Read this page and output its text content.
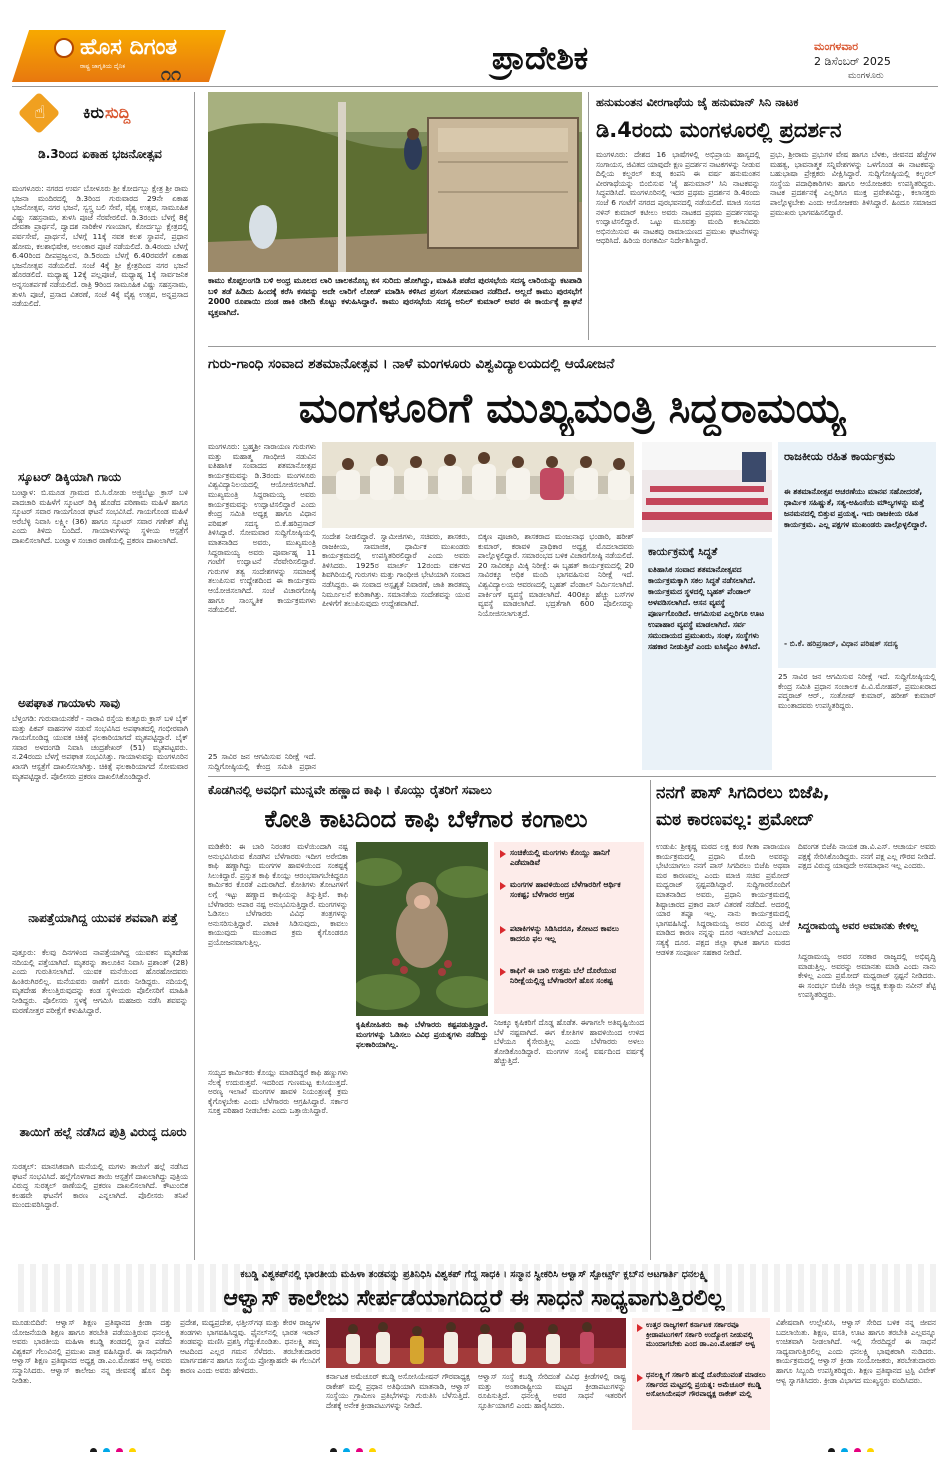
ಹೊಸ ದಿಗಂತ
ರಾಷ್ಟ್ರ ಜಾಗೃತಿಯ ದೈನಿಕ	೧೧	ಪ್ರಾದೇಶಿಕ	ಮಂಗಳವಾರ
2 ಡಿಸೆಂಬರ್ 2025
ಮಂಗಳೂರು
☝	ಕಿರು ಸುದ್ದಿ
ಡಿ.3ರಿಂದ ಏಕಾಹ ಭಜನೋತ್ಸವ
ಮಂಗಳೂರು: ನಗರದ ಉರ್ವ ಬೋಳೂರು ಶ್ರೀ ಕೋರ್ದಬ್ಬು ಕ್ಷೇತ್ರ ಶ್ರೀ ರಾಮ ಭಜನಾ ಮಂದಿರದಲ್ಲಿ ಡಿ.3ರಿಂದ ಗುರುವಾರದ 29ನೇ ಏಕಾಹ ಭಜನೋತ್ಸವ, ನಗರ ಭಜನೆ, ಸ್ವಸ್ತ್ರ ಬಲಿ ಸೇವೆ, ವೈಶ್ವ ಉತ್ಸವ, ಸಾಮೂಹಿಕ ವಿಷ್ಣು ಸಹಸ್ರನಾಮ, ತುಳಸಿ ಪೂಜೆ ನೆರವೇರಲಿದೆ. ಡಿ.3ರಂದು ಬೆಳಗ್ಗೆ 8ಕ್ಕೆ ದೇವತಾ ಪ್ರಾರ್ಥನೆ, ದ್ವಾದಶ ನಾರಿಕೇಳ ಗಣಯಾಗ, ಕೋರ್ದಬ್ಬು ಕ್ಷೇತ್ರದಲ್ಲಿ ಪರ್ವಸೇವೆ, ಪ್ರಾರ್ಥನೆ, ಬೆಳಗ್ಗೆ 11ಕ್ಕೆ ನವಕ ಕಲಶ ಸ್ಥಾಪನೆ, ಪ್ರಧಾನ ಹೋಮ, ಕಲಶಾಭಿಷೇಕ, ಅಲಂಕಾರ ಪೂಜೆ ನಡೆಯಲಿದೆ. ಡಿ.4ರಂದು ಬೆಳಗ್ಗೆ 6.40ರಿಂದ ದೀಪಪ್ರಜ್ವಲನ, ಡಿ.5ರಂದು ಬೆಳಗ್ಗೆ 6.40ರವರೆಗೆ ಏಕಾಹ ಭಜನೋತ್ಸವ ನಡೆಯಲಿದೆ. ಸಂಜೆ 4ಕ್ಕೆ ಶ್ರೀ ಕ್ಷೇತ್ರದಿಂದ ನಗರ ಭಜನೆ ಹೊರಡಲಿದೆ. ಮಧ್ಯಾಹ್ನ 12ಕ್ಕೆ ಪಲ್ಲಪೂಜೆ, ಮಧ್ಯಾಹ್ನ 1ಕ್ಕೆ ಸಾರ್ವಜನಿಕ ಅನ್ನಸಂತರ್ಪಣೆ ನಡೆಯಲಿದೆ. ರಾತ್ರಿ 9ರಿಂದ ಸಾಮೂಹಿಕ ವಿಷ್ಣು ಸಹಸ್ರನಾಮ, ತುಳಸಿ ಪೂಜೆ, ಪ್ರಸಾದ ವಿತರಣೆ, ಸಂಜೆ 4ಕ್ಕೆ ವೈಶ್ವ ಉತ್ಸವ, ಅನ್ನಪ್ರಸಾದ ನಡೆಯಲಿದೆ.
ಸ್ಕೂಟರ್ ಡಿಕ್ಕಿಯಾಗಿ ಗಾಯ
ಬಂಟ್ವಾಳ: ಬಿ.ಮೂಡ ಗ್ರಾಮದ ಬಿ.ಸಿ.ರೋಡು ಅಜ್ಜಿಬೆಟ್ಟು ಕ್ರಾಸ್ ಬಳಿ ಪಾದಚಾರಿ ಮಹಿಳೆಗೆ ಸ್ಕೂಟರ್ ಡಿಕ್ಕಿ ಹೊಡೆದ ಪರಿಣಾಮ ಮಹಿಳೆ ಹಾಗೂ ಸ್ಕೂಟರ್ ಸವಾರ ಗಾಯಗೊಂಡ ಘಟನೆ ಸಂಭವಿಸಿದೆ. ಗಾಯಗೊಂಡ ಮಹಿಳೆ ಅರೆಬೆಳ್ಳಿ ನಿವಾಸಿ ಲಕ್ಷ್ಮೀ (36) ಹಾಗೂ ಸ್ಕೂಟರ್ ಸವಾರ ಗಣೇಶ್ ಶೆಟ್ಟಿ ಎಂದು ತಿಳಿದು ಬಂದಿದೆ. ಗಾಯಾಳುಗಳನ್ನು ಸ್ಥಳೀಯ ಆಸ್ಪತ್ರೆಗೆ ದಾಖಲಿಸಲಾಗಿದೆ. ಬಂಟ್ವಾಳ ಸಂಚಾರ ಠಾಣೆಯಲ್ಲಿ ಪ್ರಕರಣ ದಾಖಲಾಗಿದೆ.
ಅಪಘಾತ ಗಾಯಾಳು ಸಾವು
ಬೆಳ್ತಂಗಡಿ: ಗುರುವಾಯನಕೆರೆ - ನಾರಾವಿ ರಸ್ತೆಯ ಕುತ್ತೂರು ಕ್ರಾಸ್ ಬಳಿ ಬೈಕ್ ಮತ್ತು ಪಿಕಪ್ ವಾಹನಗಳ ನಡುವೆ ಸಂಭವಿಸಿದ ಅಪಘಾತದಲ್ಲಿ ಗಂಭೀರವಾಗಿ ಗಾಯಗೊಂಡಿದ್ದ ಯುವಕ ಚಿಕಿತ್ಸೆ ಫಲಕಾರಿಯಾಗದೆ ಮೃತಪಟ್ಟಿದ್ದಾರೆ. ಬೈಕ್ ಸವಾರ ಅಳದಂಗಡಿ ನಿವಾಸಿ ಚಂದ್ರಶೇಖರ್ (51) ಮೃತಪಟ್ಟವರು. ನ.24ರಂದು ಬೆಳಗ್ಗೆ ಅಪಘಾತ ಸಂಭವಿಸಿತ್ತು. ಗಾಯಾಳುವನ್ನು ಮಂಗಳೂರಿನ ಖಾಸಗಿ ಆಸ್ಪತ್ರೆಗೆ ದಾಖಲಿಸಲಾಗಿತ್ತು. ಚಿಕಿತ್ಸೆ ಫಲಕಾರಿಯಾಗದೆ ಸೋಮವಾರ ಮೃತಪಟ್ಟಿದ್ದಾರೆ. ಪೊಲೀಸರು ಪ್ರಕರಣ ದಾಖಲಿಸಿಕೊಂಡಿದ್ದಾರೆ.
ನಾಪತ್ತೆಯಾಗಿದ್ದ ಯುವಕ ಶವವಾಗಿ ಪತ್ತೆ
ಪುತ್ತೂರು: ಕೆಲವು ದಿನಗಳಿಂದ ನಾಪತ್ತೆಯಾಗಿದ್ದ ಯುವಕನ ಮೃತದೇಹ ನದಿಯಲ್ಲಿ ಪತ್ತೆಯಾಗಿದೆ. ಮೃತರನ್ನು ತಾಲೂಕಿನ ನಿವಾಸಿ ಪ್ರಶಾಂತ್ (28) ಎಂದು ಗುರುತಿಸಲಾಗಿದೆ. ಯುವಕ ಮನೆಯಿಂದ ಹೊರಹೋದವರು ಹಿಂತಿರುಗಿರಲಿಲ್ಲ. ಮನೆಯವರು ಠಾಣೆಗೆ ದೂರು ನೀಡಿದ್ದರು. ನದಿಯಲ್ಲಿ ಮೃತದೇಹ ತೇಲುತ್ತಿರುವುದನ್ನು ಕಂಡ ಸ್ಥಳೀಯರು ಪೊಲೀಸರಿಗೆ ಮಾಹಿತಿ ನೀಡಿದ್ದರು. ಪೊಲೀಸರು ಸ್ಥಳಕ್ಕೆ ಆಗಮಿಸಿ ಮಹಜರು ನಡೆಸಿ ಶವವನ್ನು ಮರಣೋತ್ತರ ಪರೀಕ್ಷೆಗೆ ಕಳುಹಿಸಿದ್ದಾರೆ.
ತಾಯಿಗೆ ಹಲ್ಲೆ ನಡೆಸಿದ ಪುತ್ರಿ ವಿರುದ್ಧ ದೂರು
ಸುರತ್ಕಲ್: ಮಾನಸಿಕವಾಗಿ ಮನೆಯಲ್ಲಿ ಮಗಳು ತಾಯಿಗೆ ಹಲ್ಲೆ ನಡೆಸಿದ ಘಟನೆ ಸಂಭವಿಸಿದೆ. ಹಲ್ಲೆಗೊಳಗಾದ ತಾಯಿ ಆಸ್ಪತ್ರೆಗೆ ದಾಖಲಾಗಿದ್ದು ಪುತ್ರಿಯ ವಿರುದ್ಧ ಸುರತ್ಕಲ್ ಠಾಣೆಯಲ್ಲಿ ಪ್ರಕರಣ ದಾಖಲಿಸಲಾಗಿದೆ. ಕೌಟುಂಬಿಕ ಕಲಹವೇ ಘಟನೆಗೆ ಕಾರಣ ಎನ್ನಲಾಗಿದೆ. ಪೊಲೀಸರು ತನಿಖೆ ಮುಂದುವರಿಸಿದ್ದಾರೆ.
ಕಾಮು ಕೊಪ್ಪಲಂಗಡಿ ಬಳಿ ಅಂಧ್ರ ಮೂಲದ ಲಾರಿ ಚಾಲಕನೊಬ್ಬ ಕಸ ಸುರಿದು ಹೋಗಿದ್ದು, ಮಾಹಿತಿ ಪಡೆದ ಪುರಸಭೆಯ ಸದಸ್ಯ ಲಾರಿಯನ್ನು ಕಟಪಾಡಿ ಬಳಿ ತಡೆ ಹಿಡಿದು ಹಿಂದಕ್ಕೆ ಕರೆಸಿ ಕಸವನ್ನು ಅದೇ ಲಾರಿಗೆ ಲೋಡ್ ಮಾಡಿಸಿ ಕಳಿಸಿದ ಪ್ರಸಂಗ ಸೋಮವಾರ ನಡೆದಿದೆ. ಅಲ್ಲದೆ ಕಾಮು ಪುರಸಭೆಗೆ 2000 ರೂಪಾಯಿ ದಂಡ ಹಾಕಿ ರಶೀದಿ ಕೊಟ್ಟು ಕಳುಹಿಸಿದ್ದಾರೆ. ಕಾಮು ಪುರಸಭೆಯ ಸದಸ್ಯ ಅನಿಲ್ ಕುಮಾರ್ ಅವರ ಈ ಕಾರ್ಯಕ್ಕೆ ಶ್ಲಾಘನೆ ವ್ಯಕ್ತವಾಗಿದೆ.
ಹನುಮಂತನ ವೀರಗಾಥೆಯ ಜೈ ಹನುಮಾನ್ ಸಿನಿ ನಾಟಕ
ಡಿ.4ರಂದು ಮಂಗಳೂರಲ್ಲಿ ಪ್ರದರ್ಶನ
ಮಂಗಳೂರು: ದೇಶದ 16 ಭಾಷೆಗಳಲ್ಲಿ ಅಭಿಪ್ರಾಯ ಹಾಸ್ಯದಲ್ಲಿ ಸಂಗಾಯಸ, ಜಿವಿತದ ಯಾವುದೇ ಕ್ಷಣ ಪ್ರದರ್ಶನ ನಾಟಕಗಳನ್ನು ನೀಡುವ ದಿಲ್ಲಿಯ ಕಲ್ಚರಲ್ ಕುಡ್ಗ ಕಂಪನಿ ಈ ವರ್ಷ ಹನುಮಂತನ ವೀರಗಾಥೆಯನ್ನು ಬಿಂಬಿಸುವ 'ಜೈ ಹನುಮಾನ್' ಸಿನಿ ನಾಟಕವನ್ನು ಸಿದ್ಧಪಡಿಸಿದೆ. ಮಂಗಳೂರಿನಲ್ಲಿ ಇದರ ಪ್ರಥಮ ಪ್ರದರ್ಶನ ಡಿ.4ರಂದು ಸಂಜೆ 6 ಗಂಟೆಗೆ ನಗರದ ಪುರಭವನದಲ್ಲಿ ನಡೆಯಲಿದೆ. ಮಾಜಿ ಸಂಸದ ನಳಿನ್ ಕುಮಾರ್ ಕಟೀಲು ಅವರು ನಾಟಕದ ಪ್ರಥಮ ಪ್ರದರ್ಶನವನ್ನು ಉದ್ಘಾಟಿಸಲಿದ್ದಾರೆ. ಒಟ್ಟು ಮೂವತ್ತು ಮಂದಿ ಕಲಾವಿದರು ಅಭಿನಯಿಸುವ ಈ ನಾಟಕವು ರಾಮಾಯಣದ ಪ್ರಮುಖ ಘಟನೆಗಳನ್ನು ಆಧರಿಸಿದೆ. ಹಿರಿಯ ರಂಗಕರ್ಮಿ ನಿರ್ದೇಶಿಸಿದ್ದಾರೆ.
ಪ್ರಭು, ಶ್ರೀರಾಮ ಪ್ರಭುಗಳ ವೇಷ ಹಾಗೂ ಬೆಳಕು, ಜೀವನದ ಹೆಜ್ಜೆಗಳ ಮಹತ್ವ, ಭಾವನಾತ್ಮಕ ಸನ್ನಿವೇಶಗಳನ್ನು ಒಳಗೊಂಡ ಈ ನಾಟಕವನ್ನು ಬಹುಭಾಷಾ ಪ್ರೇಕ್ಷಕರು ವೀಕ್ಷಿಸಿದ್ದಾರೆ. ಸುದ್ದಿಗೋಷ್ಠಿಯಲ್ಲಿ ಕಲ್ಚರಲ್ ಸಂಸ್ಥೆಯ ಪದಾಧಿಕಾರಿಗಳು ಹಾಗೂ ಆಯೋಜಕರು ಉಪಸ್ಥಿತರಿದ್ದರು. ನಾಟಕ ಪ್ರದರ್ಶನಕ್ಕೆ ಎಲ್ಲರಿಗೂ ಮುಕ್ತ ಪ್ರವೇಶವಿದ್ದು, ಕಲಾಸಕ್ತರು ಪಾಲ್ಗೊಳ್ಳಬೇಕು ಎಂದು ಆಯೋಜಕರು ತಿಳಿಸಿದ್ದಾರೆ. ಹಿಂದೂ ಸಮಾಜದ ಪ್ರಮುಖರು ಭಾಗವಹಿಸಲಿದ್ದಾರೆ.
ಗುರು-ಗಾಂಧಿ ಸಂವಾದ ಶತಮಾನೋತ್ಸವ । ನಾಳೆ ಮಂಗಳೂರು ವಿಶ್ವವಿದ್ಯಾಲಯದಲ್ಲಿ ಆಯೋಜನೆ
ಮಂಗಳೂರಿಗೆ ಮುಖ್ಯಮಂತ್ರಿ ಸಿದ್ದರಾಮಯ್ಯ
ಮಂಗಳೂರು: ಬ್ರಹ್ಮಶ್ರೀ ನಾರಾಯಣ ಗುರುಗಳು ಮತ್ತು ಮಹಾತ್ಮ ಗಾಂಧೀಜಿ ನಡುವಿನ ಐತಿಹಾಸಿಕ ಸಂವಾದದ ಶತಮಾನೋತ್ಸವ ಕಾರ್ಯಕ್ರಮವನ್ನು ಡಿ.3ರಂದು ಮಂಗಳೂರು ವಿಶ್ವವಿದ್ಯಾನಿಲಯದಲ್ಲಿ ಆಯೋಜಿಸಲಾಗಿದೆ. ಮುಖ್ಯಮಂತ್ರಿ ಸಿದ್ದರಾಮಯ್ಯ ಅವರು ಕಾರ್ಯಕ್ರಮವನ್ನು ಉದ್ಘಾಟಿಸಲಿದ್ದಾರೆ ಎಂದು ಕೇಂದ್ರ ಸಮಿತಿ ಅಧ್ಯಕ್ಷ ಹಾಗೂ ವಿಧಾನ ಪರಿಷತ್ ಸದಸ್ಯ ಬಿ.ಕೆ.ಹರಿಪ್ರಸಾದ್ ತಿಳಿಸಿದ್ದಾರೆ. ಸೋಮವಾರ ಸುದ್ದಿಗೋಷ್ಠಿಯಲ್ಲಿ ಮಾತನಾಡಿದ ಅವರು, ಮುಖ್ಯಮಂತ್ರಿ ಸಿದ್ದರಾಮಯ್ಯ ಅವರು ಪೂರ್ವಾಹ್ನ 11 ಗಂಟೆಗೆ ಉದ್ಘಾಟನೆ ನೆರವೇರಿಸಲಿದ್ದಾರೆ. ಗುರುಗಳ ತತ್ವ ಸಂದೇಶಗಳನ್ನು ಸಮಾಜಕ್ಕೆ ತಲುಪಿಸುವ ಉದ್ದೇಶದಿಂದ ಈ ಕಾರ್ಯಕ್ರಮ ಆಯೋಜಿಸಲಾಗಿದೆ. ಸಂಜೆ ವಿಚಾರಗೋಷ್ಠಿ ಹಾಗೂ ಸಾಂಸ್ಕೃತಿಕ ಕಾರ್ಯಕ್ರಮಗಳು ನಡೆಯಲಿವೆ.
25 ಸಾವಿರ ಜನ ಆಗಮಿಸುವ ನಿರೀಕ್ಷೆ ಇದೆ. ಸುದ್ದಿಗೋಷ್ಠಿಯಲ್ಲಿ ಕೇಂದ್ರ ಸಮಿತಿ ಪ್ರಧಾನ
ಸಂದೇಶ ನೀಡಲಿದ್ದಾರೆ. ಸ್ವಾಮೀಜಿಗಳು, ಸಚಿವರು, ಶಾಸಕರು, ರಾಜಕೀಯ, ಸಾಮಾಜಿಕ, ಧಾರ್ಮಿಕ ಮುಖಂಡರು ಕಾರ್ಯಕ್ರಮದಲ್ಲಿ ಉಪಸ್ಥಿತರಿರಲಿದ್ದಾರೆ ಎಂದು ಅವರು ತಿಳಿಸಿದರು. 1925ರ ಮಾರ್ಚ್ 12ರಂದು ವರ್ಕಳದ ಶಿವಗಿರಿಯಲ್ಲಿ ಗುರುಗಳು ಮತ್ತು ಗಾಂಧೀಜಿ ಭೇಟಿಯಾಗಿ ಸಂವಾದ ನಡೆಸಿದ್ದರು. ಈ ಸಂವಾದ ಅಸ್ಪೃಶ್ಯತೆ ನಿವಾರಣೆ, ಜಾತಿ ತಾರತಮ್ಯ ನಿರ್ಮೂಲನೆ ಕುರಿತಾಗಿತ್ತು. ಸಮಾನತೆಯ ಸಂದೇಶವನ್ನು ಯುವ ಪೀಳಿಗೆಗೆ ತಲುಪಿಸುವುದು ಉದ್ದೇಶವಾಗಿದೆ.
ಬಿಕ್ಕಣ ಪೂಜಾರಿ, ಶಾಸಕರಾದ ಮಂಜುನಾಥ ಭಂಡಾರಿ, ಹರೀಶ್ ಕುಮಾರ್, ಕರಾವಳಿ ಪ್ರಾಧಿಕಾರ ಅಧ್ಯಕ್ಷ ಮೊದಲಾದವರು ಪಾಲ್ಗೊಳ್ಳಲಿದ್ದಾರೆ. ಸಮಾರಂಭದ ಬಳಿಕ ವಿಚಾರಗೋಷ್ಠಿ ನಡೆಯಲಿದೆ. 20 ಸಾವಿರಕ್ಕೂ ಮಿಕ್ಕಿ ನಿರೀಕ್ಷೆ: ಈ ಬೃಹತ್ ಕಾರ್ಯಕ್ರಮದಲ್ಲಿ 20 ಸಾವಿರಕ್ಕೂ ಅಧಿಕ ಮಂದಿ ಭಾಗವಹಿಸುವ ನಿರೀಕ್ಷೆ ಇದೆ. ವಿಶ್ವವಿದ್ಯಾಲಯ ಆವರಣದಲ್ಲಿ ಬೃಹತ್ ಪೆಂಡಾಲ್ ನಿರ್ಮಿಸಲಾಗಿದೆ. ಪಾರ್ಕಿಂಗ್ ವ್ಯವಸ್ಥೆ ಮಾಡಲಾಗಿದೆ. 400ಕ್ಕೂ ಹೆಚ್ಚು ಬಸ್‌ಗಳ ವ್ಯವಸ್ಥೆ ಮಾಡಲಾಗಿದೆ. ಭದ್ರತೆಗಾಗಿ 600 ಪೊಲೀಸರನ್ನು ನಿಯೋಜಿಸಲಾಗುತ್ತದೆ.
ಕಾರ್ಯಕ್ರಮಕ್ಕೆ ಸಿದ್ಧತೆ
ಐತಿಹಾಸಿಕ ಸಂವಾದ ಶತಮಾನೋತ್ಸವದ ಕಾರ್ಯಕ್ರಮಕ್ಕಾಗಿ ಸಕಲ ಸಿದ್ಧತೆ ನಡೆಸಲಾಗಿದೆ. ಕಾರ್ಯಕ್ರಮದ ಸ್ಥಳದಲ್ಲಿ ಬೃಹತ್ ಪೆಂಡಾಲ್ ಅಳವಡಿಸಲಾಗಿದೆ. ಆಸನ ವ್ಯವಸ್ಥೆ ಪೂರ್ಣಗೊಂಡಿದೆ. ಆಗಮಿಸುವ ಎಲ್ಲರಿಗೂ ಊಟ ಉಪಾಹಾರ ವ್ಯವಸ್ಥೆ ಮಾಡಲಾಗಿದೆ. ಸರ್ವ ಸಮುದಾಯದ ಪ್ರಮುಖರು, ಸಂಘ, ಸಂಸ್ಥೆಗಳು ಸಹಕಾರ ನೀಡುತ್ತಿವೆ ಎಂದು ಐಸಿವೈಎಂ ತಿಳಿಸಿದೆ.
ರಾಜಕೀಯ ರಹಿತ ಕಾರ್ಯಕ್ರಮ
ಈ ಶತಮಾನೋತ್ಸವ ಆಚರಣೆಯು ಮಾನವ ಸಹೋದರತೆ, ಧಾರ್ಮಿಕ ಸಹಿಷ್ಣುತೆ, ಸತ್ಯ-ಅಹಿಂಸೆಯ ಮೌಲ್ಯಗಳನ್ನು ಮತ್ತೆ ಜನಮನದಲ್ಲಿ ಬಿತ್ತುವ ಪ್ರಯತ್ನ. ಇದು ರಾಜಕೀಯ ರಹಿತ ಕಾರ್ಯಕ್ರಮ. ಎಲ್ಲ ಪಕ್ಷಗಳ ಮುಖಂಡರು ಪಾಲ್ಗೊಳ್ಳಲಿದ್ದಾರೆ.
- ಬಿ.ಕೆ. ಹರಿಪ್ರಸಾದ್, ವಿಧಾನ ಪರಿಷತ್ ಸದಸ್ಯ
25 ಸಾವಿರ ಜನ ಆಗಮಿಸುವ ನಿರೀಕ್ಷೆ ಇದೆ. ಸುದ್ದಿಗೋಷ್ಠಿಯಲ್ಲಿ ಕೇಂದ್ರ ಸಮಿತಿ ಪ್ರಧಾನ ಸಂಚಾಲಕ ಪಿ.ವಿ.ಮೋಹನ್, ಪ್ರಮುಖರಾದ ಪದ್ಮರಾಜ್ ಆರ್., ಸಂತೋಷ್ ಕುಮಾರ್, ಹರೀಶ್ ಕುಮಾರ್ ಮುಂತಾದವರು ಉಪಸ್ಥಿತರಿದ್ದರು.
ಕೊಡಗಿನಲ್ಲಿ ಅವಧಿಗೆ ಮುನ್ನವೇ ಹಣ್ಣಾದ ಕಾಫಿ । ಕೊಯ್ಲು ರೈತರಿಗೆ ಸವಾಲು
ಕೋತಿ ಕಾಟದಿಂದ ಕಾಫಿ ಬೆಳೆಗಾರ ಕಂಗಾಲು
ಮಡಿಕೇರಿ: ಈ ಬಾರಿ ನಿರಂತರ ಮಳೆಯಿಂದಾಗಿ ನಷ್ಟ ಅನುಭವಿಸಿರುವ ಕೊಡಗಿನ ಬೆಳೆಗಾರರು ಇದೀಗ ಅರೇಬಿಕಾ ಕಾಫಿ ಹಣ್ಣಾಗಿದ್ದು ಮಂಗಗಳ ಹಾವಳಿಯಿಂದ ಸಂಕಷ್ಟಕ್ಕೆ ಸಿಲುಕಿದ್ದಾರೆ. ಪ್ರಸ್ತುತ ಕಾಫಿ ಕೊಯ್ಲು ಆರಂಭವಾಗಬೇಕಿದ್ದರೂ ಕಾರ್ಮಿಕರ ಕೊರತೆ ಎದುರಾಗಿದೆ. ಕೋತಿಗಳು ತೋಟಗಳಿಗೆ ಲಗ್ಗೆ ಇಟ್ಟು ಹಣ್ಣಾದ ಕಾಫಿಯನ್ನು ತಿನ್ನುತ್ತಿವೆ. ಕಾಫಿ ಬೆಳೆಗಾರರು ಅಪಾರ ನಷ್ಟ ಅನುಭವಿಸುತ್ತಿದ್ದಾರೆ. ಮಂಗಗಳನ್ನು ಓಡಿಸಲು ಬೆಳೆಗಾರರು ವಿವಿಧ ತಂತ್ರಗಳನ್ನು ಅನುಸರಿಸುತ್ತಿದ್ದಾರೆ. ಪಟಾಕಿ ಸಿಡಿಸುವುದು, ಕಾವಲು ಕಾಯುವುದು ಮುಂತಾದ ಕ್ರಮ ಕೈಗೊಂಡರೂ ಪ್ರಯೋಜನವಾಗುತ್ತಿಲ್ಲ.
ಸಯ್ಯದ ಕಾರ್ಮಿಕರು ಕೊಯ್ಲು ಮಾಡದಿದ್ದರೆ ಕಾಫಿ ಹಣ್ಣುಗಳು ನೆಲಕ್ಕೆ ಉದುರುತ್ತವೆ. ಇದರಿಂದ ಗುಣಮಟ್ಟ ಕುಸಿಯುತ್ತದೆ. ಅರಣ್ಯ ಇಲಾಖೆ ಮಂಗಗಳ ಹಾವಳಿ ನಿಯಂತ್ರಣಕ್ಕೆ ಕ್ರಮ ಕೈಗೊಳ್ಳಬೇಕು ಎಂದು ಬೆಳೆಗಾರರು ಆಗ್ರಹಿಸಿದ್ದಾರೆ. ಸರ್ಕಾರ ಸೂಕ್ತ ಪರಿಹಾರ ನೀಡಬೇಕು ಎಂದು ಒತ್ತಾಯಿಸಿದ್ದಾರೆ.
ಕೃಷಿಕೋಹಿತರು ಕಾಫಿ ಬೆಳೆಗಾರರು ಕಷ್ಟಪಡುತ್ತಿದ್ದಾರೆ. ಮಂಗಗಳನ್ನು ಓಡಿಸಲು ವಿವಿಧ ಪ್ರಯತ್ನಗಳು ನಡೆದಿದ್ದು ಫಲಕಾರಿಯಾಗಿಲ್ಲ.
ಸಂಚಿಕೆಯಲ್ಲಿ ಮಂಗಗಳು ಕೊಯ್ಲು ಹಾನಿಗೆ ಎಡೆಮಾಡಿವೆ
ಮಂಗಗಳ ಹಾವಳಿಯಿಂದ ಬೆಳೆಗಾರರಿಗೆ ಆರ್ಥಿಕ ಸಂಕಷ್ಟ; ಬೆಳೆಗಾರರ ಆಗ್ರಹ
ಪಟಾಕಿಗಳನ್ನು ಸಿಡಿಸಿದರೂ, ತೋಟದ ಕಾವಲು ಕಾದರೂ ಫಲ ಇಲ್ಲ
ಕಾಫಿಗೆ ಈ ಬಾರಿ ಉತ್ತಮ ಬೆಲೆ ದೊರೆಯುವ ನಿರೀಕ್ಷೆಯಲ್ಲಿದ್ದ ಬೆಳೆಗಾರರಿಗೆ ಹೊಸ ಸಂಕಷ್ಟ
ನಿಜಕ್ಕೂ ಕೃಷಿಕರಿಗೆ ದೊಡ್ಡ ಹೊಡೆತ. ಈಗಾಗಲೇ ಅತಿವೃಷ್ಟಿಯಿಂದ ಬೆಳೆ ನಷ್ಟವಾಗಿದೆ. ಈಗ ಕೋತಿಗಳ ಹಾವಳಿಯಿಂದ ಉಳಿದ ಬೆಳೆಯೂ ಕೈಸೇರುತ್ತಿಲ್ಲ ಎಂದು ಬೆಳೆಗಾರರು ಅಳಲು ತೋಡಿಕೊಂಡಿದ್ದಾರೆ. ಮಂಗಗಳ ಸಂಖ್ಯೆ ವರ್ಷದಿಂದ ವರ್ಷಕ್ಕೆ ಹೆಚ್ಚುತ್ತಿದೆ.
ನನಗೆ ಪಾಸ್ ಸಿಗದಿರಲು ಬಿಜೆಪಿ,
ಮಠ ಕಾರಣವಲ್ಲ: ಪ್ರಮೋದ್
ಉಡುಪಿ: ಶ್ರೀಕೃಷ್ಣ ಮಠದ ಲಕ್ಷ ಕಂಠ ಗೀತಾ ಪಾರಾಯಣ ಕಾರ್ಯಕ್ರಮದಲ್ಲಿ ಪ್ರಧಾನಿ ಮೋದಿ ಅವರನ್ನು ಭೇಟಿಯಾಗಲು ನನಗೆ ಪಾಸ್ ಸಿಗದಿರಲು ಬಿಜೆಪಿ ಅಥವಾ ಮಠ ಕಾರಣವಲ್ಲ ಎಂದು ಮಾಜಿ ಸಚಿವ ಪ್ರಮೋದ್ ಮಧ್ವರಾಜ್ ಸ್ಪಷ್ಟಪಡಿಸಿದ್ದಾರೆ. ಸುದ್ದಿಗಾರರೊಂದಿಗೆ ಮಾತನಾಡಿದ ಅವರು, ಪ್ರಧಾನಿ ಕಾರ್ಯಕ್ರಮದಲ್ಲಿ ಶಿಷ್ಟಾಚಾರದ ಪ್ರಕಾರ ಪಾಸ್ ವಿತರಣೆ ನಡೆದಿದೆ. ಅದರಲ್ಲಿ ಯಾರ ತಪ್ಪೂ ಇಲ್ಲ. ನಾನು ಕಾರ್ಯಕ್ರಮದಲ್ಲಿ ಭಾಗವಹಿಸಿದ್ದೆ. ಸಿದ್ದರಾಮಯ್ಯ ಅವರ ವಿರುದ್ಧ ಟೀಕೆ ಮಾಡಿದ ಕಾರಣ ನನ್ನನ್ನು ದೂರ ಇಡಲಾಗಿದೆ ಎಂಬುದು ಸತ್ಯಕ್ಕೆ ದೂರ. ಪಕ್ಷದ ಜಿಲ್ಲಾ ಘಟಕ ಹಾಗೂ ಮಠದ ಆಡಳಿತ ಸಂಪೂರ್ಣ ಸಹಕಾರ ನೀಡಿದೆ.
ದಿವಂಗತ ಬಿಜೆಪಿ ನಾಯಕ ಡಾ.ವಿ.ಎಸ್. ಆಚಾರ್ಯ ಅವರು ಪಕ್ಷಕ್ಕೆ ಸೇರಿಸಿಕೊಂಡಿದ್ದರು. ನನಗೆ ಪಕ್ಷ ಎಲ್ಲ ಗೌರವ ನೀಡಿದೆ. ಪಕ್ಷದ ವಿರುದ್ಧ ಯಾವುದೇ ಅಸಮಾಧಾನ ಇಲ್ಲ ಎಂದರು.
ಸಿದ್ದರಾಮಯ್ಯ ಅವರ ಅಮಾನತು ಕೇಳಿಲ್ಲ
ಸಿದ್ದರಾಮಯ್ಯ ಅವರ ಸರಕಾರ ರಾಜ್ಯದಲ್ಲಿ ಅಭಿವೃದ್ಧಿ ಮಾಡುತ್ತಿಲ್ಲ. ಅವರನ್ನು ಅಮಾನತು ಮಾಡಿ ಎಂದು ನಾನು ಕೇಳಿಲ್ಲ ಎಂದು ಪ್ರಮೋದ್ ಮಧ್ವರಾಜ್ ಸ್ಪಷ್ಟನೆ ನೀಡಿದರು. ಈ ಸಂದರ್ಭ ಬಿಜೆಪಿ ಜಿಲ್ಲಾ ಅಧ್ಯಕ್ಷ ಕುತ್ಯಾರು ನವೀನ್ ಶೆಟ್ಟಿ ಉಪಸ್ಥಿತರಿದ್ದರು.
ಕಬಡ್ಡಿ ವಿಶ್ವಕಪ್‌ನಲ್ಲಿ ಭಾರತೀಯ ಮಹಿಳಾ ತಂಡವನ್ನು ಪ್ರತಿನಿಧಿಸಿ ವಿಶ್ವಕಪ್ ಗೆದ್ದ ಸಾಧಕಿ । ಸನ್ಮಾನ ಸ್ವೀಕರಿಸಿ ಆಳ್ವಾಸ್ ಸ್ಪೋರ್ಟ್ಸ್ ಕ್ಲಬ್‌ನ ಆಟಗಾರ್ತಿ ಧನಲಕ್ಷ್ಮಿ
ಆಳ್ವಾಸ್ ಕಾಲೇಜು ಸೇರ್ಪಡೆಯಾಗದಿದ್ದರೆ ಈ ಸಾಧನೆ ಸಾಧ್ಯವಾಗುತ್ತಿರಲಿಲ್ಲ
ಮೂಡುಬಿದಿರೆ: ಆಳ್ವಾಸ್ ಶಿಕ್ಷಣ ಪ್ರತಿಷ್ಠಾನದ ಕ್ರೀಡಾ ದತ್ತು ಯೋಜನೆಯಡಿ ಶಿಕ್ಷಣ ಹಾಗೂ ತರಬೇತಿ ಪಡೆಯುತ್ತಿರುವ ಧನಲಕ್ಷ್ಮಿ ಅವರು ಭಾರತೀಯ ಮಹಿಳಾ ಕಬಡ್ಡಿ ತಂಡದಲ್ಲಿ ಸ್ಥಾನ ಪಡೆದು ವಿಶ್ವಕಪ್ ಗೆಲುವಿನಲ್ಲಿ ಪ್ರಮುಖ ಪಾತ್ರ ವಹಿಸಿದ್ದಾರೆ. ಈ ಸಾಧನೆಗಾಗಿ ಆಳ್ವಾಸ್ ಶಿಕ್ಷಣ ಪ್ರತಿಷ್ಠಾನದ ಅಧ್ಯಕ್ಷ ಡಾ.ಎಂ.ಮೋಹನ ಆಳ್ವ ಅವರು ಸನ್ಮಾನಿಸಿದರು. ಆಳ್ವಾಸ್ ಕಾಲೇಜು ನನ್ನ ಜೀವನಕ್ಕೆ ಹೊಸ ದಿಕ್ಕು ನೀಡಿತು.
ಪ್ರದೇಶ, ಮಧ್ಯಪ್ರದೇಶ, ಛತ್ತೀಸ್‌ಗಢ ಮತ್ತು ಕೇರಳ ರಾಜ್ಯಗಳ ತಂಡಗಳು ಭಾಗವಹಿಸಿದ್ದವು. ಫೈನಲ್‌ನಲ್ಲಿ ಭಾರತ ಇರಾನ್ ತಂಡವನ್ನು ಮಣಿಸಿ ಪ್ರಶಸ್ತಿ ಗೆದ್ದುಕೊಂಡಿತು. ಧನಲಕ್ಷ್ಮಿ ತಮ್ಮ ಆಟದಿಂದ ಎಲ್ಲರ ಗಮನ ಸೆಳೆದರು. ತರಬೇತುದಾರರ ಮಾರ್ಗದರ್ಶನ ಹಾಗೂ ಸಂಸ್ಥೆಯ ಪ್ರೋತ್ಸಾಹವೇ ಈ ಗೆಲುವಿಗೆ ಕಾರಣ ಎಂದು ಅವರು ಹೇಳಿದರು.
ಕರ್ನಾಟಕ ಅಮೆಚೂರ್ ಕಬಡ್ಡಿ ಅಸೋಸಿಯೇಷನ್ ಗೌರವಾಧ್ಯಕ್ಷ ರಾಕೇಶ್ ಮಲ್ಲಿ ಪ್ರಧಾನ ಅತಿಥಿಯಾಗಿ ಮಾತನಾಡಿ, ಆಳ್ವಾಸ್ ಸಂಸ್ಥೆಯು ಗ್ರಾಮೀಣ ಪ್ರತಿಭೆಗಳನ್ನು ಗುರುತಿಸಿ ಬೆಳೆಸುತ್ತಿದೆ. ದೇಶಕ್ಕೆ ಅನೇಕ ಕ್ರೀಡಾಪಟುಗಳನ್ನು ನೀಡಿದೆ.
ಆಳ್ವಾಸ್ ಸಂಸ್ಥೆ ಕಬಡ್ಡಿ ಸೇರಿದಂತೆ ವಿವಿಧ ಕ್ರೀಡೆಗಳಲ್ಲಿ ರಾಷ್ಟ್ರ ಮತ್ತು ಅಂತಾರಾಷ್ಟ್ರೀಯ ಮಟ್ಟದ ಕ್ರೀಡಾಪಟುಗಳನ್ನು ರೂಪಿಸುತ್ತಿದೆ. ಧನಲಕ್ಷ್ಮಿ ಅವರ ಸಾಧನೆ ಇತರರಿಗೆ ಸ್ಫೂರ್ತಿಯಾಗಲಿ ಎಂದು ಹಾರೈಸಿದರು.
ಉತ್ತರ ರಾಜ್ಯಗಳಿಗೆ ಕರ್ನಾಟಕ ಸರ್ಕಾರವೂ ಕ್ರೀಡಾಪಟುಗಳಿಗೆ ಸರ್ಕಾರಿ ಉದ್ಯೋಗ ನೀಡುವಲ್ಲಿ ಮುಂದಾಗಬೇಕು ಎಂದ ಡಾ.ಎಂ.ಮೋಹನ್ ಆಳ್ವ
ಧನಲಕ್ಷ್ಮಿಗೆ ಸರ್ಕಾರಿ ಹುದ್ದೆ ದೊರೆಯುವಂತೆ ಮಾಡಲು ಸರ್ಕಾರದ ಮಟ್ಟದಲ್ಲಿ ಪ್ರಯತ್ನ: ಅಮೆಚೂರ್ ಕಬಡ್ಡಿ ಅಸೋಸಿಯೇಷನ್ ಗೌರವಾಧ್ಯಕ್ಷ ರಾಕೇಶ್ ಮಲ್ಲಿ
ವಿಶೇಷವಾಗಿ ಉಲ್ಲೇಖಿಸಿ, ಆಳ್ವಾಸ್ ಸೇರಿದ ಬಳಿಕ ನನ್ನ ಜೀವನ ಬದಲಾಯಿತು. ಶಿಕ್ಷಣ, ವಸತಿ, ಊಟ ಹಾಗೂ ತರಬೇತಿ ಎಲ್ಲವನ್ನೂ ಉಚಿತವಾಗಿ ನೀಡಲಾಗಿದೆ. ಇಲ್ಲಿ ಸೇರದಿದ್ದರೆ ಈ ಸಾಧನೆ ಸಾಧ್ಯವಾಗುತ್ತಿರಲಿಲ್ಲ ಎಂದು ಧನಲಕ್ಷ್ಮಿ ಭಾವುಕರಾಗಿ ನುಡಿದರು. ಕಾರ್ಯಕ್ರಮದಲ್ಲಿ ಆಳ್ವಾಸ್ ಕ್ರೀಡಾ ಸಂಯೋಜಕರು, ತರಬೇತುದಾರರು ಹಾಗೂ ಸಿಬ್ಬಂದಿ ಉಪಸ್ಥಿತರಿದ್ದರು. ಶಿಕ್ಷಣ ಪ್ರತಿಷ್ಠಾನದ ಟ್ರಸ್ಟಿ ವಿವೇಕ್ ಆಳ್ವ ಸ್ವಾಗತಿಸಿದರು. ಕ್ರೀಡಾ ವಿಭಾಗದ ಮುಖ್ಯಸ್ಥರು ವಂದಿಸಿದರು.
